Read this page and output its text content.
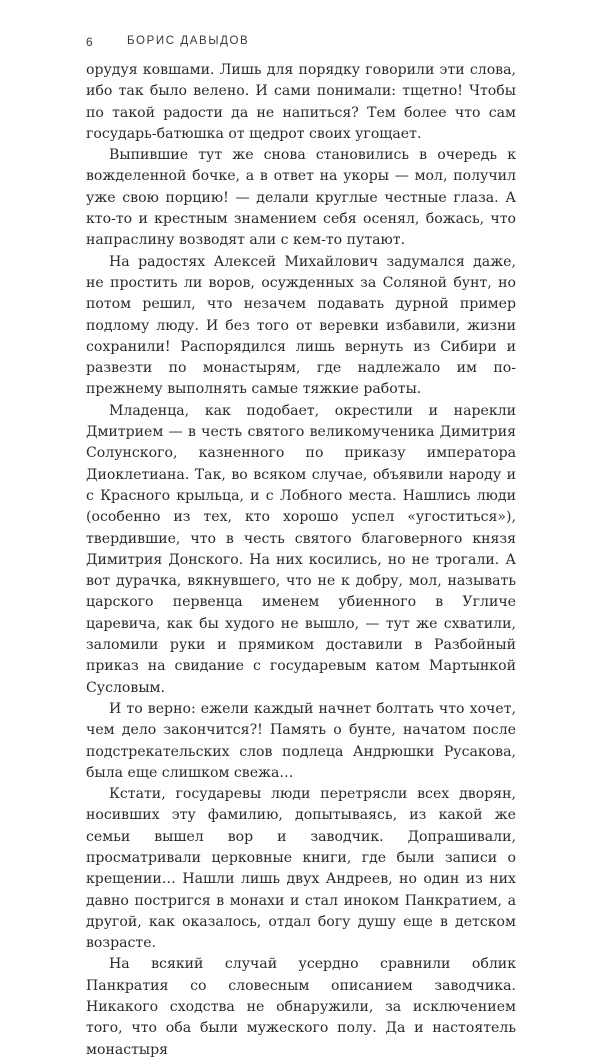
6	БОРИС ДАВЫДОВ

орудуя ковшами. Лишь для порядку говорили эти слова, ибо так было велено. И сами понимали: тщетно! Чтобы по такой радости да не напиться? Тем более что сам государь-батюшка от щедрот своих угощает.

Выпившие тут же снова становились в очередь к вожделенной бочке, а в ответ на укоры — мол, получил уже свою порцию! — делали круглые честные глаза. А кто-то и крестным знамением себя осенял, божась, что напраслину возводят али с кем-то путают.

На радостях Алексей Михайлович задумался даже, не простить ли воров, осужденных за Соляной бунт, но потом решил, что незачем подавать дурной пример подлому люду. И без того от веревки избавили, жизни сохранили! Распорядился лишь вернуть из Сибири и развезти по монастырям, где надлежало им по-прежнему выполнять самые тяжкие работы.

Младенца, как подобает, окрестили и нарекли Дмитрием — в честь святого великомученика Димитрия Солунского, казненного по приказу императора Диоклетиана. Так, во всяком случае, объявили народу и с Красного крыльца, и с Лобного места. Нашлись люди (особенно из тех, кто хорошо успел «угоститься»), твердившие, что в честь святого благоверного князя Димитрия Донского. На них косились, но не трогали. А вот дурачка, вякнувшего, что не к добру, мол, называть царского первенца именем убиенного в Угличе царевича, как бы худого не вышло, — тут же схватили, заломили руки и прямиком доставили в Разбойный приказ на свидание с государевым катом Мартынкой Сусловым.

И то верно: ежели каждый начнет болтать что хочет, чем дело закончится?! Память о бунте, начатом после подстрекательских слов подлеца Андрюшки Русакова, была еще слишком свежа…

Кстати, государевы люди перетрясли всех дворян, носивших эту фамилию, допытываясь, из какой же семьи вышел вор и заводчик. Допрашивали, просматривали церковные книги, где были записи о крещении… Нашли лишь двух Андреев, но один из них давно постригся в монахи и стал иноком Панкратием, а другой, как оказалось, отдал богу душу еще в детском возрасте.

На всякий случай усердно сравнили облик Панкратия со словесным описанием заводчика. Никакого сходства не обнаружили, за исключением того, что оба были мужеского полу. Да и настоятель монастыря
